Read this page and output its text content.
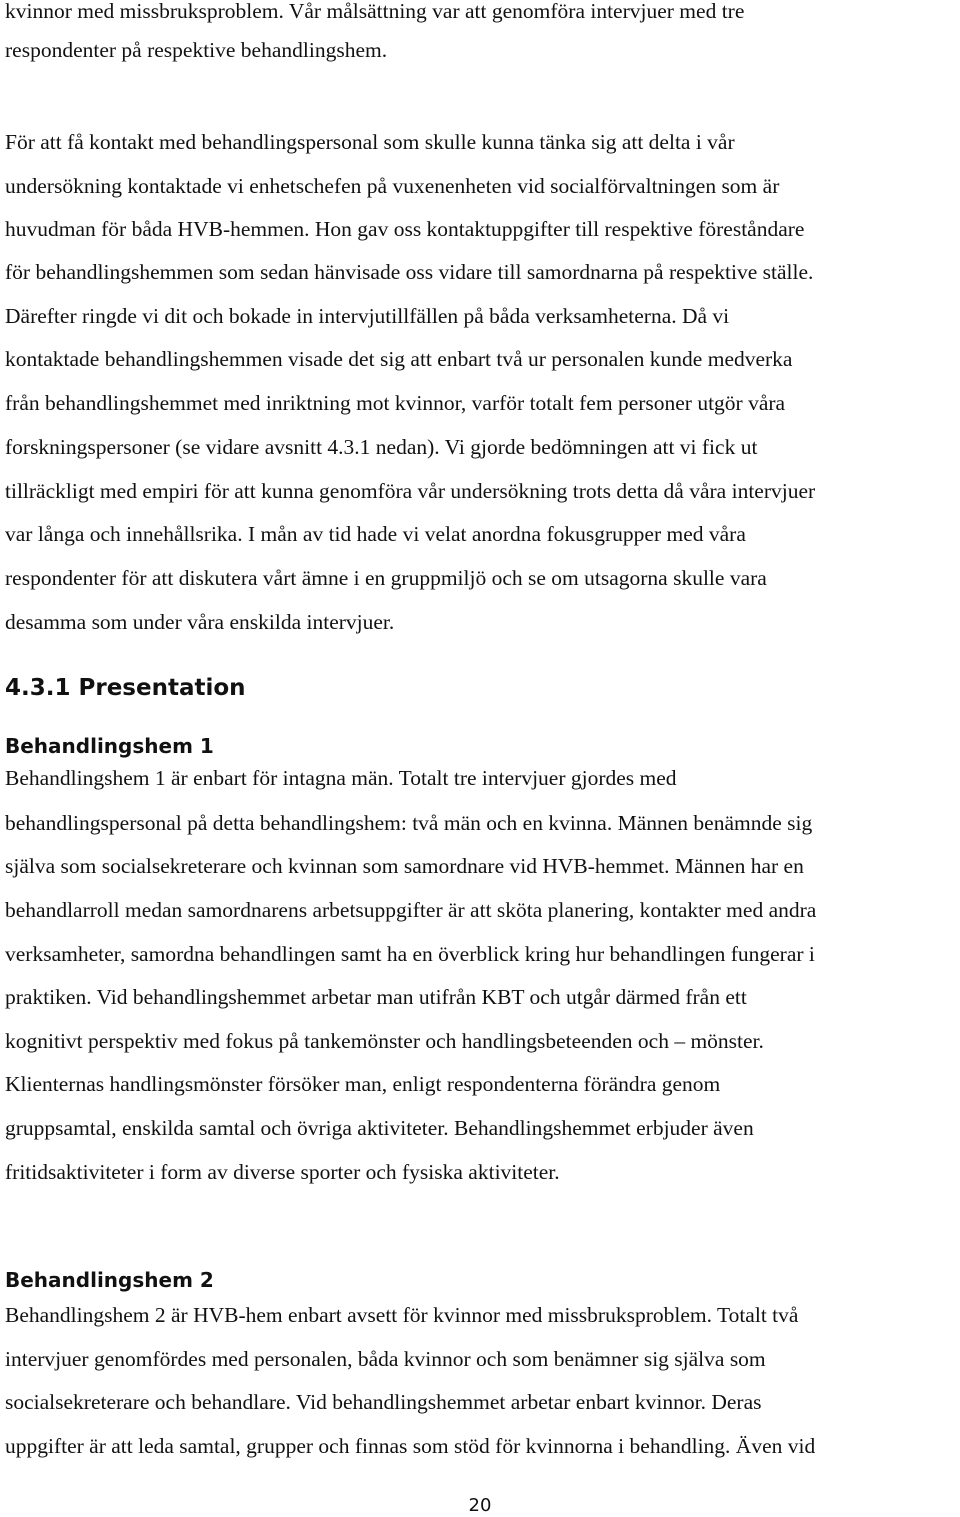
kvinnor med missbruksproblem. Vår målsättning var att genomföra intervjuer med tre
respondenter på respektive behandlingshem.
För att få kontakt med behandlingspersonal som skulle kunna tänka sig att delta i vår
undersökning kontaktade vi enhetschefen på vuxenenheten vid socialförvaltningen som är
huvudman för båda HVB-hemmen. Hon gav oss kontaktuppgifter till respektive föreståndare
för behandlingshemmen som sedan hänvisade oss vidare till samordnarna på respektive ställe.
Därefter ringde vi dit och bokade in intervjutillfällen på båda verksamheterna. Då vi
kontaktade behandlingshemmen visade det sig att enbart två ur personalen kunde medverka
från behandlingshemmet med inriktning mot kvinnor, varför totalt fem personer utgör våra
forskningspersoner (se vidare avsnitt 4.3.1 nedan). Vi gjorde bedömningen att vi fick ut
tillräckligt med empiri för att kunna genomföra vår undersökning trots detta då våra intervjuer
var långa och innehållsrika. I mån av tid hade vi velat anordna fokusgrupper med våra
respondenter för att diskutera vårt ämne i en gruppmiljö och se om utsagorna skulle vara
desamma som under våra enskilda intervjuer.
4.3.1 Presentation
Behandlingshem 1
Behandlingshem 1 är enbart för intagna män. Totalt tre intervjuer gjordes med
behandlingspersonal på detta behandlingshem: två män och en kvinna. Männen benämnde sig
själva som socialsekreterare och kvinnan som samordnare vid HVB-hemmet. Männen har en
behandlarroll medan samordnarens arbetsuppgifter är att sköta planering, kontakter med andra
verksamheter, samordna behandlingen samt ha en överblick kring hur behandlingen fungerar i
praktiken. Vid behandlingshemmet arbetar man utifrån KBT och utgår därmed från ett
kognitivt perspektiv med fokus på tankemönster och handlingsbeteenden och – mönster.
Klienternas handlingsmönster försöker man, enligt respondenterna förändra genom
gruppsamtal, enskilda samtal och övriga aktiviteter. Behandlingshemmet erbjuder även
fritidsaktiviteter i form av diverse sporter och fysiska aktiviteter.
Behandlingshem 2
Behandlingshem 2 är HVB-hem enbart avsett för kvinnor med missbruksproblem. Totalt två
intervjuer genomfördes med personalen, båda kvinnor och som benämner sig själva som
socialsekreterare och behandlare. Vid behandlingshemmet arbetar enbart kvinnor. Deras
uppgifter är att leda samtal, grupper och finnas som stöd för kvinnorna i behandling. Även vid
20
